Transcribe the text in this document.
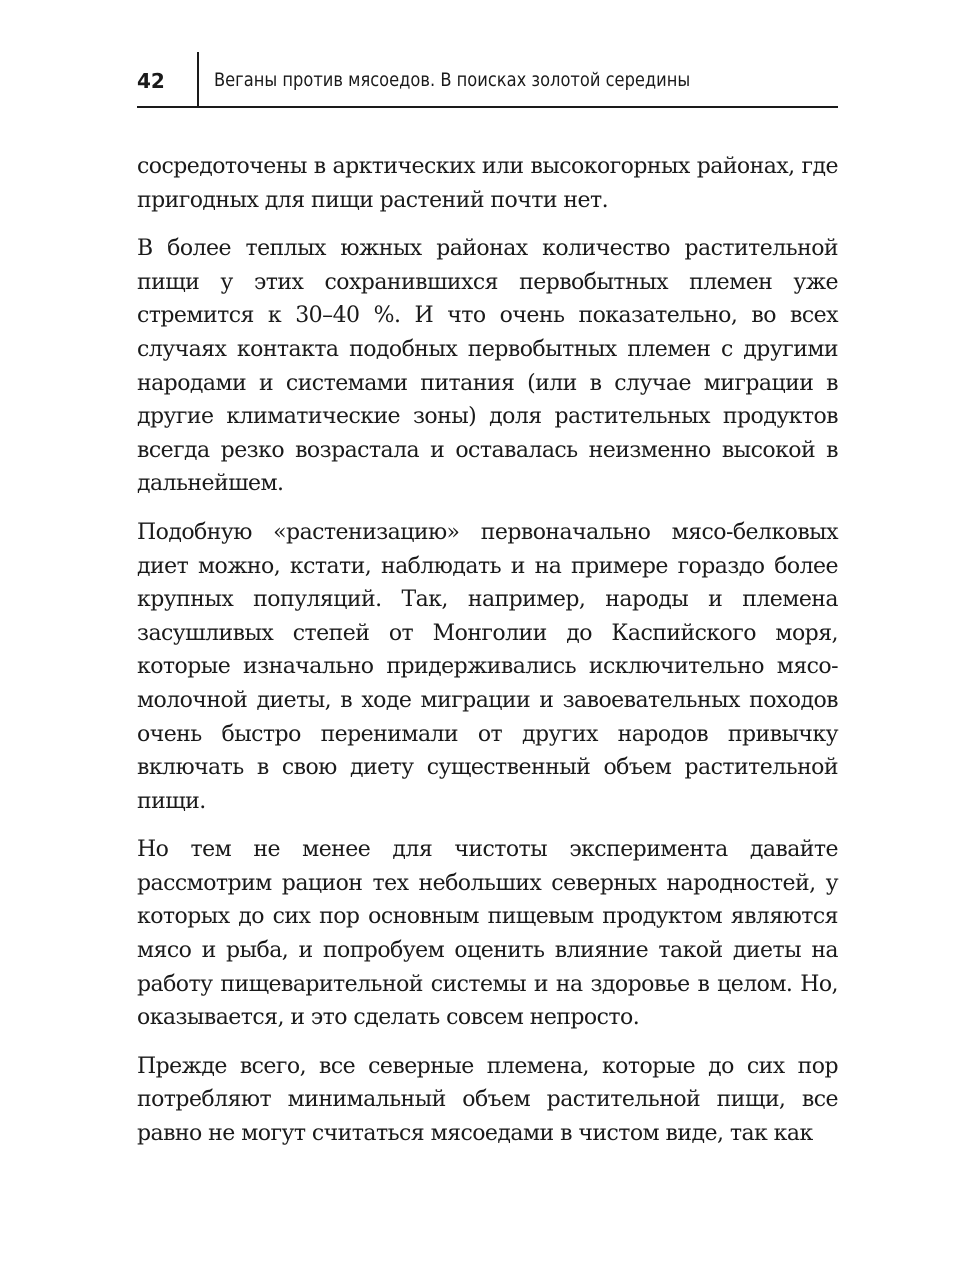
42	Веганы против мясоедов. В поисках золотой середины

сосредоточены в арктических или высокогорных районах, где пригодных для пищи растений почти нет.

В более теплых южных районах количество растительной пищи у этих сохранившихся первобытных племен уже стремится к 30–40 %. И что очень показательно, во всех случаях контакта подобных первобытных племен с другими народами и системами питания (или в случае миграции в другие климатические зоны) доля растительных продуктов всегда резко возрастала и оставалась неизменно высокой в дальнейшем.

Подобную «растенизацию» первоначально мясо-белковых диет можно, кстати, наблюдать и на примере гораздо более крупных популяций. Так, например, народы и племена засушливых степей от Монголии до Каспийского моря, которые изначально придерживались исключительно мясо-молочной диеты, в ходе миграции и завоевательных походов очень быстро перенимали от других народов привычку включать в свою диету существенный объем растительной пищи.

Но тем не менее для чистоты эксперимента давайте рассмотрим рацион тех небольших северных народностей, у которых до сих пор основным пищевым продуктом являются мясо и рыба, и попробуем оценить влияние такой диеты на работу пищеварительной системы и на здоровье в целом. Но, оказывается, и это сделать совсем непросто.

Прежде всего, все северные племена, которые до сих пор потребляют минимальный объем растительной пищи, все равно не могут считаться мясоедами в чистом виде, так как
